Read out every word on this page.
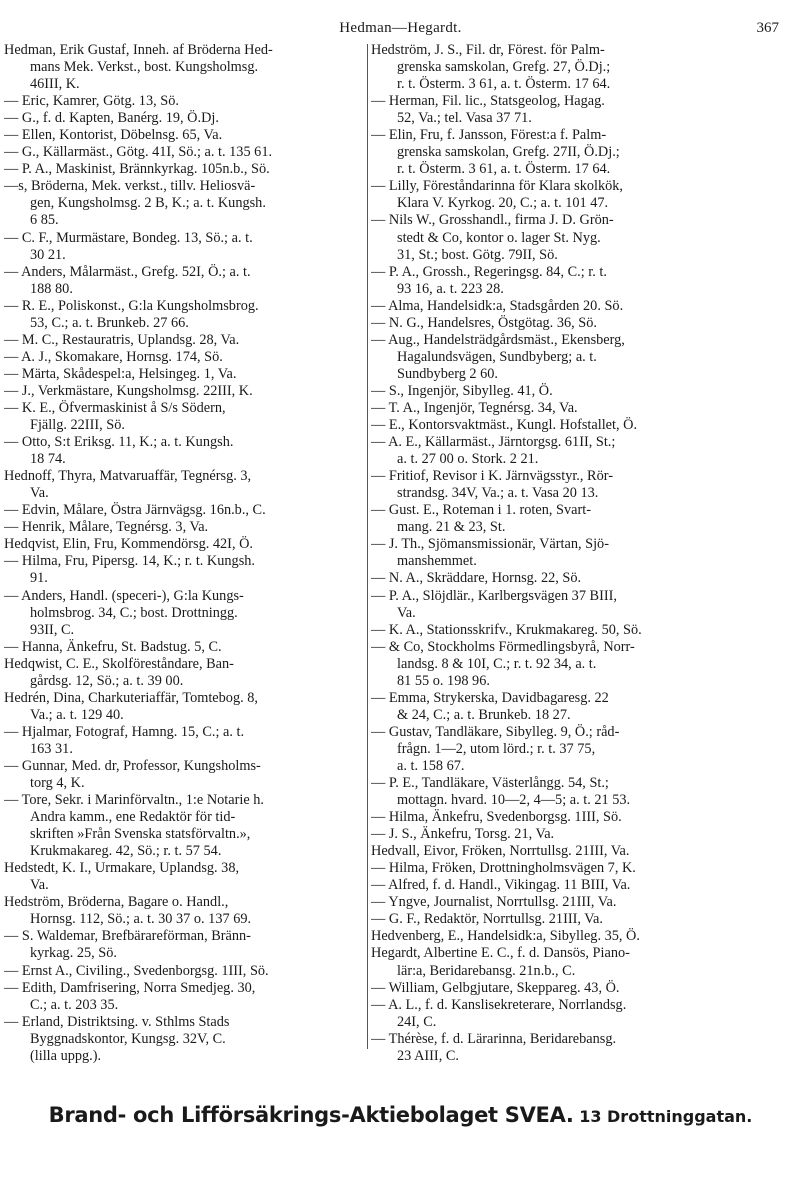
Hedman—Hegardt.	367
Hedman, Erik Gustaf, Inneh. af Bröderna Hed-
mans Mek. Verkst., bost. Kungsholmsg.
46III, K.
— Eric, Kamrer, Götg. 13, Sö.
— G., f. d. Kapten, Banérg. 19, Ö.Dj.
— Ellen, Kontorist, Döbelnsg. 65, Va.
— G., Källarmäst., Götg. 41I, Sö.; a. t. 135 61.
— P. A., Maskinist, Brännkyrkag. 105n.b., Sö.
—s, Bröderna, Mek. verkst., tillv. Heliosvä-
gen, Kungsholmsg. 2 B, K.; a. t. Kungsh.
6 85.
— C. F., Murmästare, Bondeg. 13, Sö.; a. t.
30 21.
— Anders, Målarmäst., Grefg. 52I, Ö.; a. t.
188 80.
— R. E., Poliskonst., G:la Kungsholmsbrog.
53, C.; a. t. Brunkeb. 27 66.
— M. C., Restauratris, Uplandsg. 28, Va.
— A. J., Skomakare, Hornsg. 174, Sö.
— Märta, Skådespel:a, Helsingeg. 1, Va.
— J., Verkmästare, Kungsholmsg. 22III, K.
— K. E., Öfvermaskinist å S/s Södern,
Fjällg. 22III, Sö.
— Otto, S:t Eriksg. 11, K.; a. t. Kungsh.
18 74.
Hednoff, Thyra, Matvaruaffär, Tegnérsg. 3,
Va.
— Edvin, Målare, Östra Järnvägsg. 16n.b., C.
— Henrik, Målare, Tegnérsg. 3, Va.
Hedqvist, Elin, Fru, Kommendörsg. 42I, Ö.
— Hilma, Fru, Pipersg. 14, K.; r. t. Kungsh.
91.
— Anders, Handl. (speceri-), G:la Kungs-
holmsbrog. 34, C.; bost. Drottningg.
93II, C.
— Hanna, Änkefru, St. Badstug. 5, C.
Hedqwist, C. E., Skolföreståndare, Ban-
gårdsg. 12, Sö.; a. t. 39 00.
Hedrén, Dina, Charkuteriaffär, Tomtebog. 8,
Va.; a. t. 129 40.
— Hjalmar, Fotograf, Hamng. 15, C.; a. t.
163 31.
— Gunnar, Med. dr, Professor, Kungsholms-
torg 4, K.
— Tore, Sekr. i Marinförvaltn., 1:e Notarie h.
Andra kamm., ene Redaktör för tid-
skriften »Från Svenska statsförvaltn.»,
Krukmakareg. 42, Sö.; r. t. 57 54.
Hedstedt, K. I., Urmakare, Uplandsg. 38,
Va.
Hedström, Bröderna, Bagare o. Handl.,
Hornsg. 112, Sö.; a. t. 30 37 o. 137 69.
— S. Waldemar, Brefbärareförman, Bränn-
kyrkag. 25, Sö.
— Ernst A., Civiling., Svedenborgsg. 1III, Sö.
— Edith, Damfrisering, Norra Smedjeg. 30,
C.; a. t. 203 35.
— Erland, Distriktsing. v. Sthlms Stads
Byggnadskontor, Kungsg. 32V, C.
(lilla uppg.).
Hedström, J. S., Fil. dr, Förest. för Palm-
grenska samskolan, Grefg. 27, Ö.Dj.;
r. t. Österm. 3 61, a. t. Österm. 17 64.
— Herman, Fil. lic., Statsgeolog, Hagag.
52, Va.; tel. Vasa 37 71.
— Elin, Fru, f. Jansson, Förest:a f. Palm-
grenska samskolan, Grefg. 27II, Ö.Dj.;
r. t. Österm. 3 61, a. t. Österm. 17 64.
— Lilly, Föreståndarinna för Klara skolkök,
Klara V. Kyrkog. 20, C.; a. t. 101 47.
— Nils W., Grosshandl., firma J. D. Grön-
stedt & Co, kontor o. lager St. Nyg.
31, St.; bost. Götg. 79II, Sö.
— P. A., Grossh., Regeringsg. 84, C.; r. t.
93 16, a. t. 223 28.
— Alma, Handelsidk:a, Stadsgården 20. Sö.
— N. G., Handelsres, Östgötag. 36, Sö.
— Aug., Handelsträdgårdsmäst., Ekensberg,
Hagalundsvägen, Sundbyberg; a. t.
Sundbyberg 2 60.
— S., Ingenjör, Sibylleg. 41, Ö.
— T. A., Ingenjör, Tegnérsg. 34, Va.
— E., Kontorsvaktmäst., Kungl. Hofstallet, Ö.
— A. E., Källarmäst., Järntorgsg. 61II, St.;
a. t. 27 00 o. Stork. 2 21.
— Fritiof, Revisor i K. Järnvägsstyr., Rör-
strandsg. 34V, Va.; a. t. Vasa 20 13.
— Gust. E., Roteman i 1. roten, Svart-
mang. 21 & 23, St.
— J. Th., Sjömansmissionär, Värtan, Sjö-
manshemmet.
— N. A., Skräddare, Hornsg. 22, Sö.
— P. A., Slöjdlär., Karlbergsvägen 37 BIII,
Va.
— K. A., Stationsskrifv., Krukmakareg. 50, Sö.
— & Co, Stockholms Förmedlingsbyrå, Norr-
landsg. 8 & 10I, C.; r. t. 92 34, a. t.
81 55 o. 198 96.
— Emma, Strykerska, Davidbagaresg. 22
& 24, C.; a. t. Brunkeb. 18 27.
— Gustav, Tandläkare, Sibylleg. 9, Ö.; råd-
frågn. 1—2, utom lörd.; r. t. 37 75,
a. t. 158 67.
— P. E., Tandläkare, Västerlångg. 54, St.;
mottagn. hvard. 10—2, 4—5; a. t. 21 53.
— Hilma, Änkefru, Svedenborgsg. 1III, Sö.
— J. S., Änkefru, Torsg. 21, Va.
Hedvall, Eivor, Fröken, Norrtullsg. 21III, Va.
— Hilma, Fröken, Drottningholmsvägen 7, K.
— Alfred, f. d. Handl., Vikingag. 11 BIII, Va.
— Yngve, Journalist, Norrtullsg. 21III, Va.
— G. F., Redaktör, Norrtullsg. 21III, Va.
Hedvenberg, E., Handelsidk:a, Sibylleg. 35, Ö.
Hegardt, Albertine E. C., f. d. Dansös, Piano-
lär:a, Beridarebansg. 21n.b., C.
— William, Gelbgjutare, Skeppareg. 43, Ö.
— A. L., f. d. Kanslisekreterare, Norrlandsg.
24I, C.
— Thérèse, f. d. Lärarinna, Beridarebansg.
23 AIII, C.
Brand- och Lifförsäkrings-Aktiebolaget SVEA. 13 Drottninggatan.
